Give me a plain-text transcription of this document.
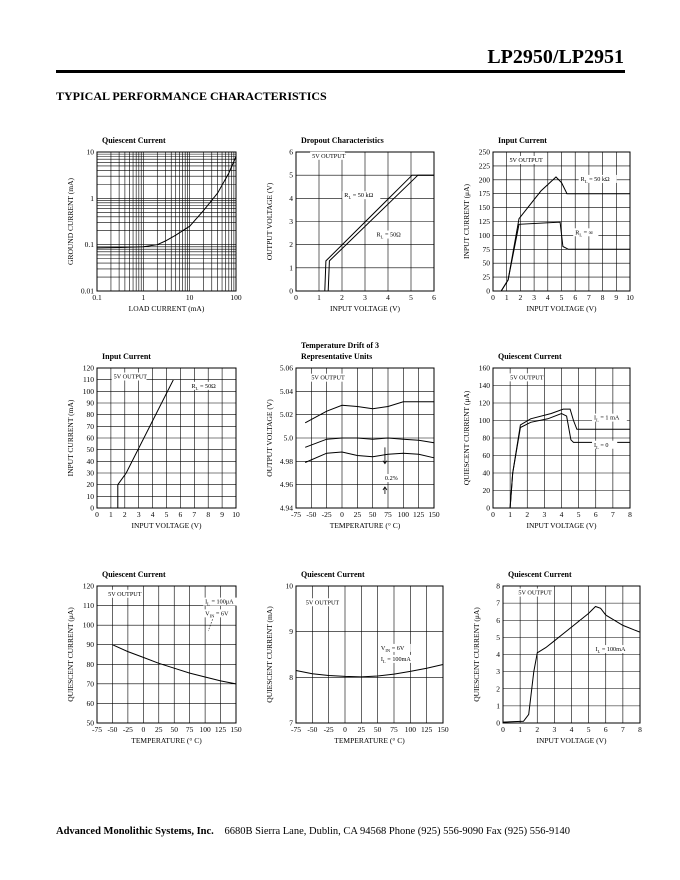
LP2950/LP2951
TYPICAL PERFORMANCE CHARACTERISTICS
Quiescent Current
0.1	1	10	100
0.01
0.1
1
10
LOAD CURRENT (mA)
GROUND CURRENT (mA)
Dropout Characteristics
0	1	2	3	4	5	6
0
1
2
3
4
5
6
INPUT VOLTAGE (V)
OUTPUT VOLTAGE (V)
5V OUTPUT
$R_L = 50$ kΩ
$R_L = 50\Omega$
Input Current
0 1 2 3 4 5 6 7 8 9 10
0
25
50
75
100
125
150
175
200
225
250
INPUT VOLTAGE (V)
INPUT CURRENT (μA)
5V OUTPUT
$R_L = 50$ kΩ
$R_L$ = ∞
Input Current
0 1 2 3 4 5 6 7 8 9 10
0
10
20
30
40
50
60
70
80
90
100
110
120
INPUT VOLTAGE (V)
INPUT CURRENT (mA)
5V OUTPUT
$R_L = 50\Omega$
Temperature Drift of 3
Representative Units
-75 -50 -25 0 25 50 75 100 125 150
4.94
4.96
4.98
5.0
5.02
5.04
5.06
TEMPERATURE (° C)
OUTPUT VOLTAGE (V)
5V OUTPUT
0.2%
Quiescent Current
0 1 2 3 4 5 6 7 8
0
20
40
60
80
100
120
140
160
INPUT VOLTAGE (V)
QUIESCENT CURRENT (μA)
5V OUTPUT
$I_L = 1$ mA
$I_L = 0$
Quiescent Current
-75 -50 -25 0 25 50 75 100 125 150
50
60
70
80
90
100
110
120
TEMPERATURE (° C)
QUIESCENT CURRENT (μA)
5V OUTPUT
$I_L = 100\mu A$
$V_{IN} = 6V$
Quiescent Current
-75 -50 -25 0 25 50 75 100 125 150
7
8
9
10
TEMPERATURE (° C)
QUIESCENT CURRENT (mA)
5V OUTPUT
$V_{IN} = 6V$
$I_L = 100mA$
Quiescent Current
0 1 2 3 4 5 6 7 8
0
1
2
3
4
5
6
7
8
INPUT VOLTAGE (V)
QUIESCENT CURRENT (μA)
5V OUTPUT
$I_L = 100mA$
Advanced Monolithic Systems, Inc. 6680B Sierra Lane, Dublin, CA 94568 Phone (925) 556-9090 Fax (925) 556-9140
